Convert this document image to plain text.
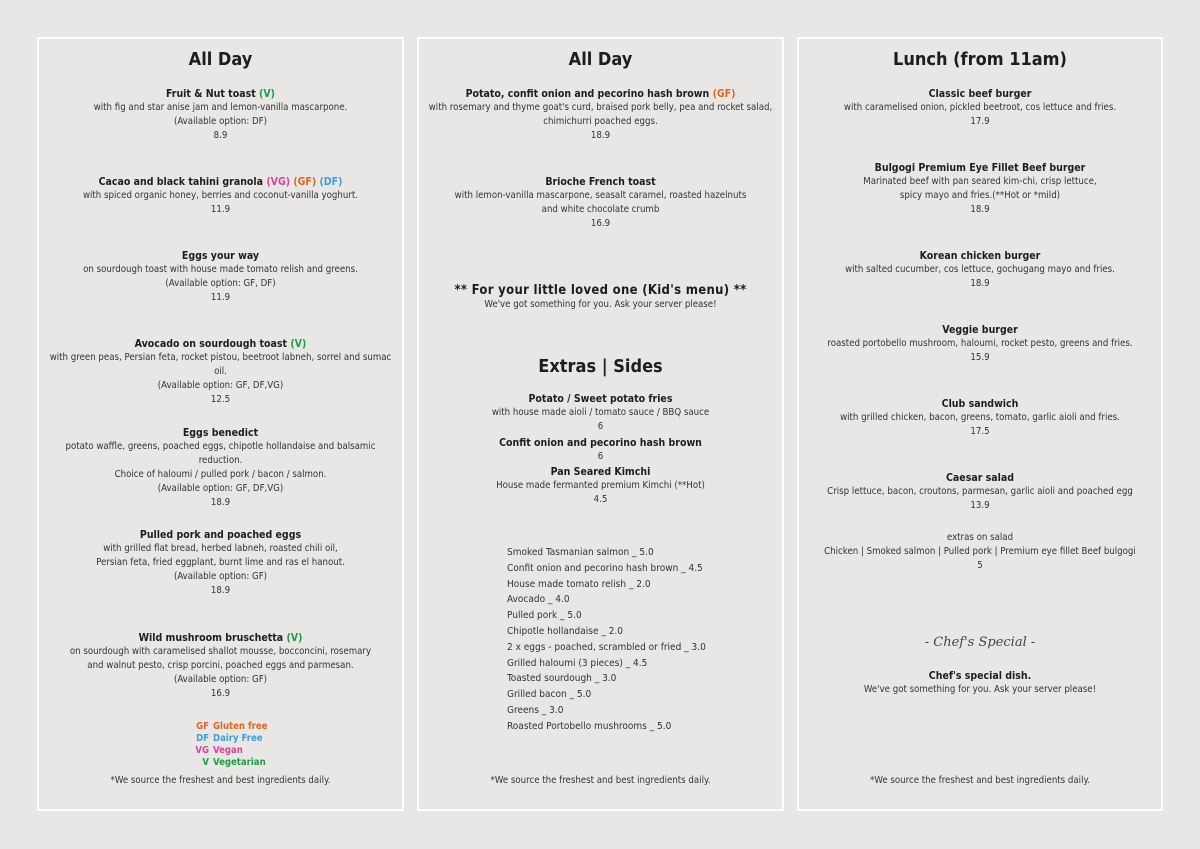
All Day
Fruit & Nut toast (V)
with fig and star anise jam and lemon-vanilla mascarpone.
(Available option: DF)
8.9
Cacao and black tahini granola (VG) (GF) (DF)
with spiced organic honey, berries and coconut-vanilla yoghurt.
11.9
Eggs your way
on sourdough toast with house made tomato relish and greens.
(Available option: GF, DF)
11.9
Avocado on sourdough toast (V)
with green peas, Persian feta, rocket pistou, beetroot labneh, sorrel and sumac oil.
(Available option: GF, DF,VG)
12.5
Eggs benedict
potato waffle, greens, poached eggs, chipotle hollandaise and balsamic reduction.
Choice of haloumi / pulled pork / bacon / salmon.
(Available option: GF, DF,VG)
18.9
Pulled pork and poached eggs
with grilled flat bread, herbed labneh, roasted chili oil,
Persian feta, fried eggplant, burnt lime and ras el hanout.
(Available option: GF)
18.9
Wild mushroom bruschetta (V)
on sourdough with caramelised shallot mousse, bocconcini, rosemary
and walnut pesto, crisp porcini, poached eggs and parmesan.
(Available option: GF)
16.9
GF Gluten free
DF Dairy Free
VG Vegan
V Vegetarian
*We source the freshest and best ingredients daily.
All Day
Potato, confit onion and pecorino hash brown (GF)
with rosemary and thyme goat's curd, braised pork belly, pea and rocket salad,
chimichurri poached eggs.
18.9
Brioche French toast
with lemon-vanilla mascarpone, seasalt caramel, roasted hazelnuts
and white chocolate crumb
16.9
** For your little loved one (Kid's menu) **
We've got something for you. Ask your server please!
Extras | Sides
Potato / Sweet potato fries
with house made aioli / tomato sauce / BBQ sauce
6
Confit onion and pecorino hash brown
6
Pan Seared Kimchi
House made fermanted premium Kimchi (**Hot)
4.5
Smoked Tasmanian salmon _ 5.0
Confit onion and pecorino hash brown _ 4.5
House made tomato relish _ 2.0
Avocado _ 4.0
Pulled pork _ 5.0
Chipotle hollandaise _ 2.0
2 x eggs - poached, scrambled or fried _ 3.0
Grilled haloumi (3 pieces) _ 4.5
Toasted sourdough _ 3.0
Grilled bacon _ 5.0
Greens _ 3.0
Roasted Portobello mushrooms _ 5.0
*We source the freshest and best ingredients daily.
Lunch (from 11am)
Classic beef burger
with caramelised onion, pickled beetroot, cos lettuce and fries.
17.9
Bulgogi Premium Eye Fillet Beef burger
Marinated beef with pan seared kim-chi, crisp lettuce,
spicy mayo and fries.(**Hot or *mild)
18.9
Korean chicken burger
with salted cucumber, cos lettuce, gochugang mayo and fries.
18.9
Veggie burger
roasted portobello mushroom, haloumi, rocket pesto, greens and fries.
15.9
Club sandwich
with grilled chicken, bacon, greens, tomato, garlic aioli and fries.
17.5
Caesar salad
Crisp lettuce, bacon, croutons, parmesan, garlic aioli and poached egg
13.9
extras on salad
Chicken | Smoked salmon | Pulled pork | Premium eye fillet Beef bulgogi
5
- Chef's Special -
Chef's special dish.
We've got something for you. Ask your server please!
*We source the freshest and best ingredients daily.
